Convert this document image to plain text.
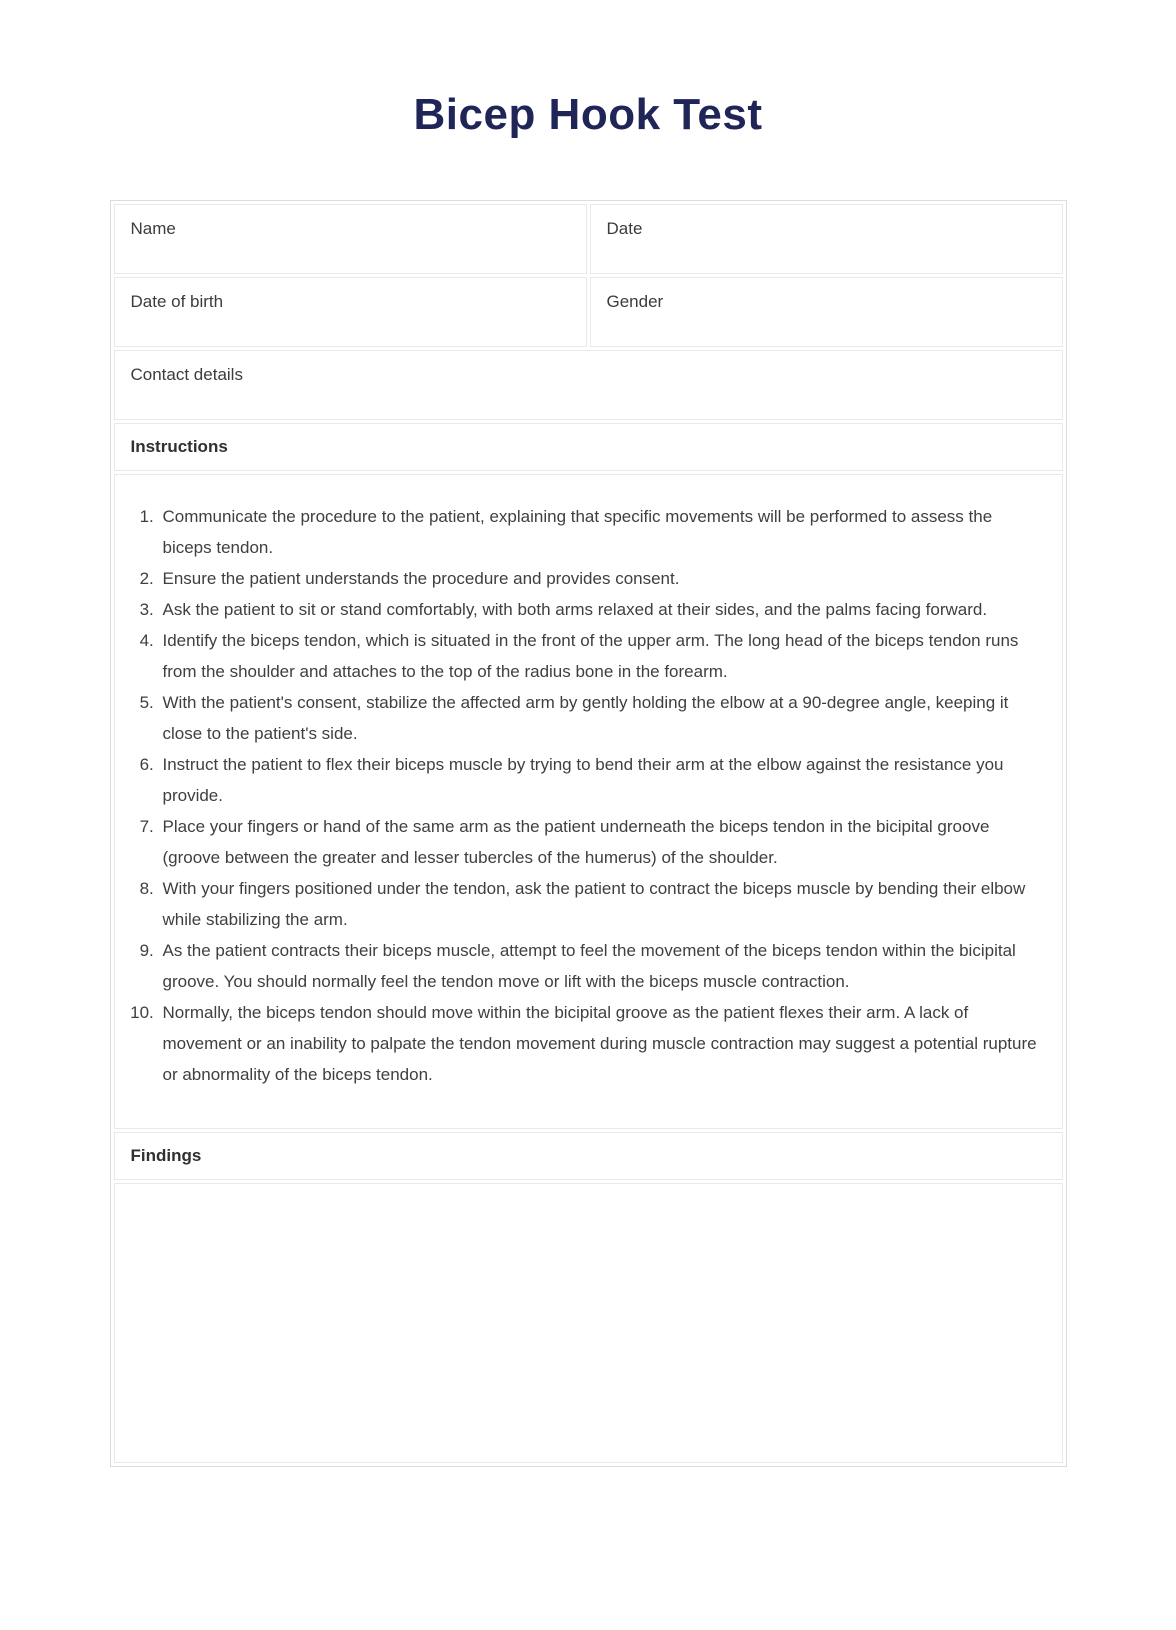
Bicep Hook Test
Name	Date
Date of birth	Gender
Contact details	
Instructions	

1. Communicate the procedure to the patient, explaining that specific movements will be performed to assess the biceps tendon.
2. Ensure the patient understands the procedure and provides consent.
3. Ask the patient to sit or stand comfortably, with both arms relaxed at their sides, and the palms facing forward.
4. Identify the biceps tendon, which is situated in the front of the upper arm. The long head of the biceps tendon runs from the shoulder and attaches to the top of the radius bone in the forearm.
5. With the patient's consent, stabilize the affected arm by gently holding the elbow at a 90-degree angle, keeping it close to the patient's side.
6. Instruct the patient to flex their biceps muscle by trying to bend their arm at the elbow against the resistance you provide.
7. Place your fingers or hand of the same arm as the patient underneath the biceps tendon in the bicipital groove (groove between the greater and lesser tubercles of the humerus) of the shoulder.
8. With your fingers positioned under the tendon, ask the patient to contract the biceps muscle by bending their elbow while stabilizing the arm.
9. As the patient contracts their biceps muscle, attempt to feel the movement of the biceps tendon within the bicipital groove. You should normally feel the tendon move or lift with the biceps muscle contraction.
10. Normally, the biceps tendon should move within the bicipital groove as the patient flexes their arm. A lack of movement or an inability to palpate the tendon movement during muscle contraction may suggest a potential rupture or abnormality of the biceps tendon.

Findings	
